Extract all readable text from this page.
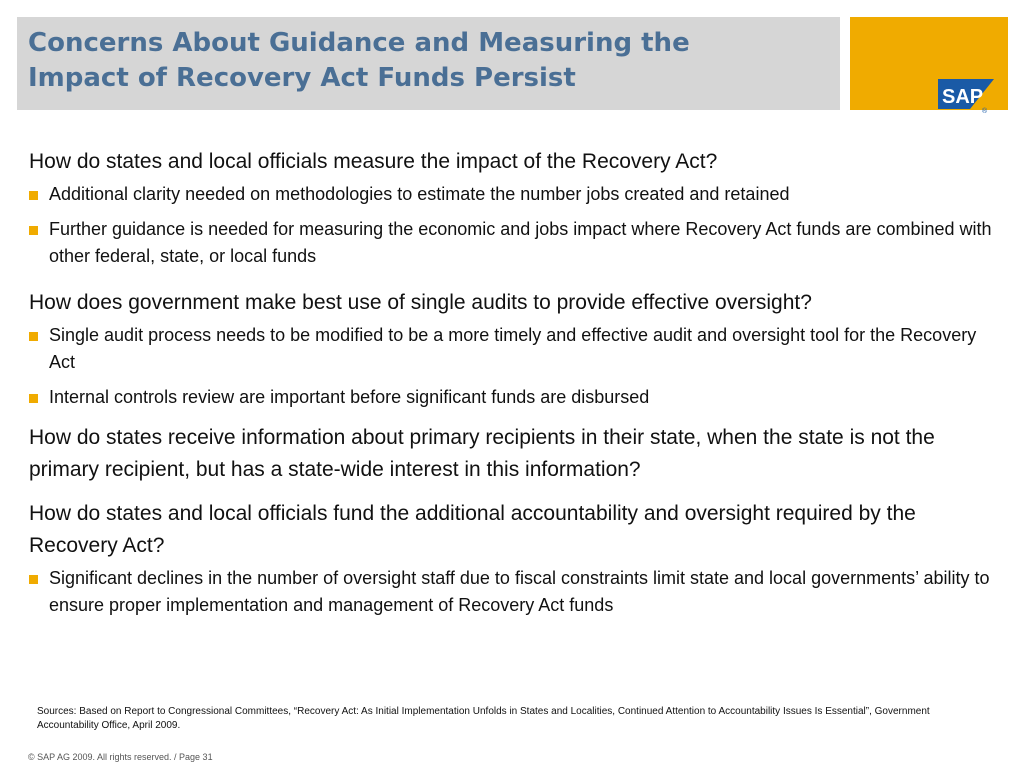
Concerns About Guidance and Measuring the
Impact of Recovery Act Funds Persist
SAP
®

How do states and local officials measure the impact of the Recovery Act?

Additional clarity needed on methodologies to estimate the number jobs created and retained
Further guidance is needed for measuring the economic and jobs impact where Recovery Act funds are combined with other federal, state, or local funds

How does government make best use of single audits to provide effective oversight?

Single audit process needs to be modified to be a more timely and effective audit and oversight tool for the Recovery Act
Internal controls review are important before significant funds are disbursed

How do states receive information about primary recipients in their state, when the state is not the primary recipient, but has a state-wide interest in this information?

How do states and local officials fund the additional accountability and oversight required by the Recovery Act?

Significant declines in the number of oversight staff due to fiscal constraints limit state and local governments’ ability to ensure proper implementation and management of Recovery Act funds
Sources: Based on Report to Congressional Committees, “Recovery Act: As Initial Implementation Unfolds in States and Localities, Continued Attention to Accountability Issues Is Essential”, Government Accountability Office, April 2009.
© SAP AG 2009. All rights reserved. / Page 31
